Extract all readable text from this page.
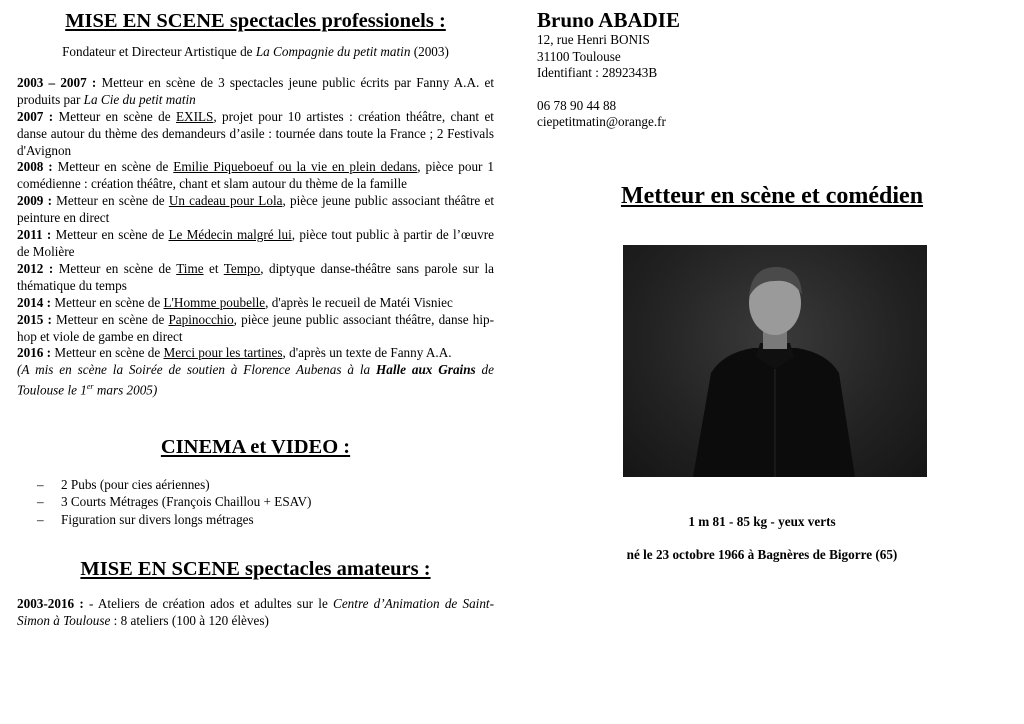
MISE EN SCENE spectacles professionels :

Fondateur et Directeur Artistique de La Compagnie du petit matin (2003)

2003 – 2007 : Metteur en scène de 3 spectacles jeune public écrits par Fanny A.A. et produits par La Cie du petit matin

2007 : Metteur en scène de EXILS, projet pour 10 artistes : création théâtre, chant et danse autour du thème des demandeurs d’asile : tournée dans toute la France ; 2 Festivals d'Avignon

2008 : Metteur en scène de Emilie Piqueboeuf ou la vie en plein dedans, pièce pour 1 comédienne : création théâtre, chant et slam autour du thème de la famille

2009 : Metteur en scène de Un cadeau pour Lola, pièce jeune public associant théâtre et peinture en direct

2011 : Metteur en scène de Le Médecin malgré lui, pièce tout public à partir de l’œuvre de Molière

2012 : Metteur en scène de Time et Tempo, diptyque danse-théâtre sans parole sur la thématique du temps

2014 : Metteur en scène de L'Homme poubelle, d'après le recueil de Matéi Visniec

2015 : Metteur en scène de Papinocchio, pièce jeune public associant théâtre, danse hip-hop et viole de gambe en direct

2016 : Metteur en scène de Merci pour les tartines, d'après un texte de Fanny A.A.

(A mis en scène la Soirée de soutien à Florence Aubenas à la Halle aux Grains de Toulouse le 1er mars 2005)

CINEMA et VIDEO :
– 2 Pubs (pour cies aériennes)
– 3 Courts Métrages (François Chaillou + ESAV)
– Figuration sur divers longs métrages
MISE EN SCENE spectacles amateurs :

2003-2016 : - Ateliers de création ados et adultes sur le Centre d’Animation de Saint-Simon à Toulouse : 8 ateliers (100 à 120 élèves)

Bruno ABADIE
12, rue Henri BONIS
31100 Toulouse
Identifiant : 2892343B
06 78 90 44 88
ciepetitmatin@orange.fr
Metteur en scène et comédien
1 m 81 - 85 kg - yeux verts
né le 23 octobre 1966 à Bagnères de Bigorre (65)
